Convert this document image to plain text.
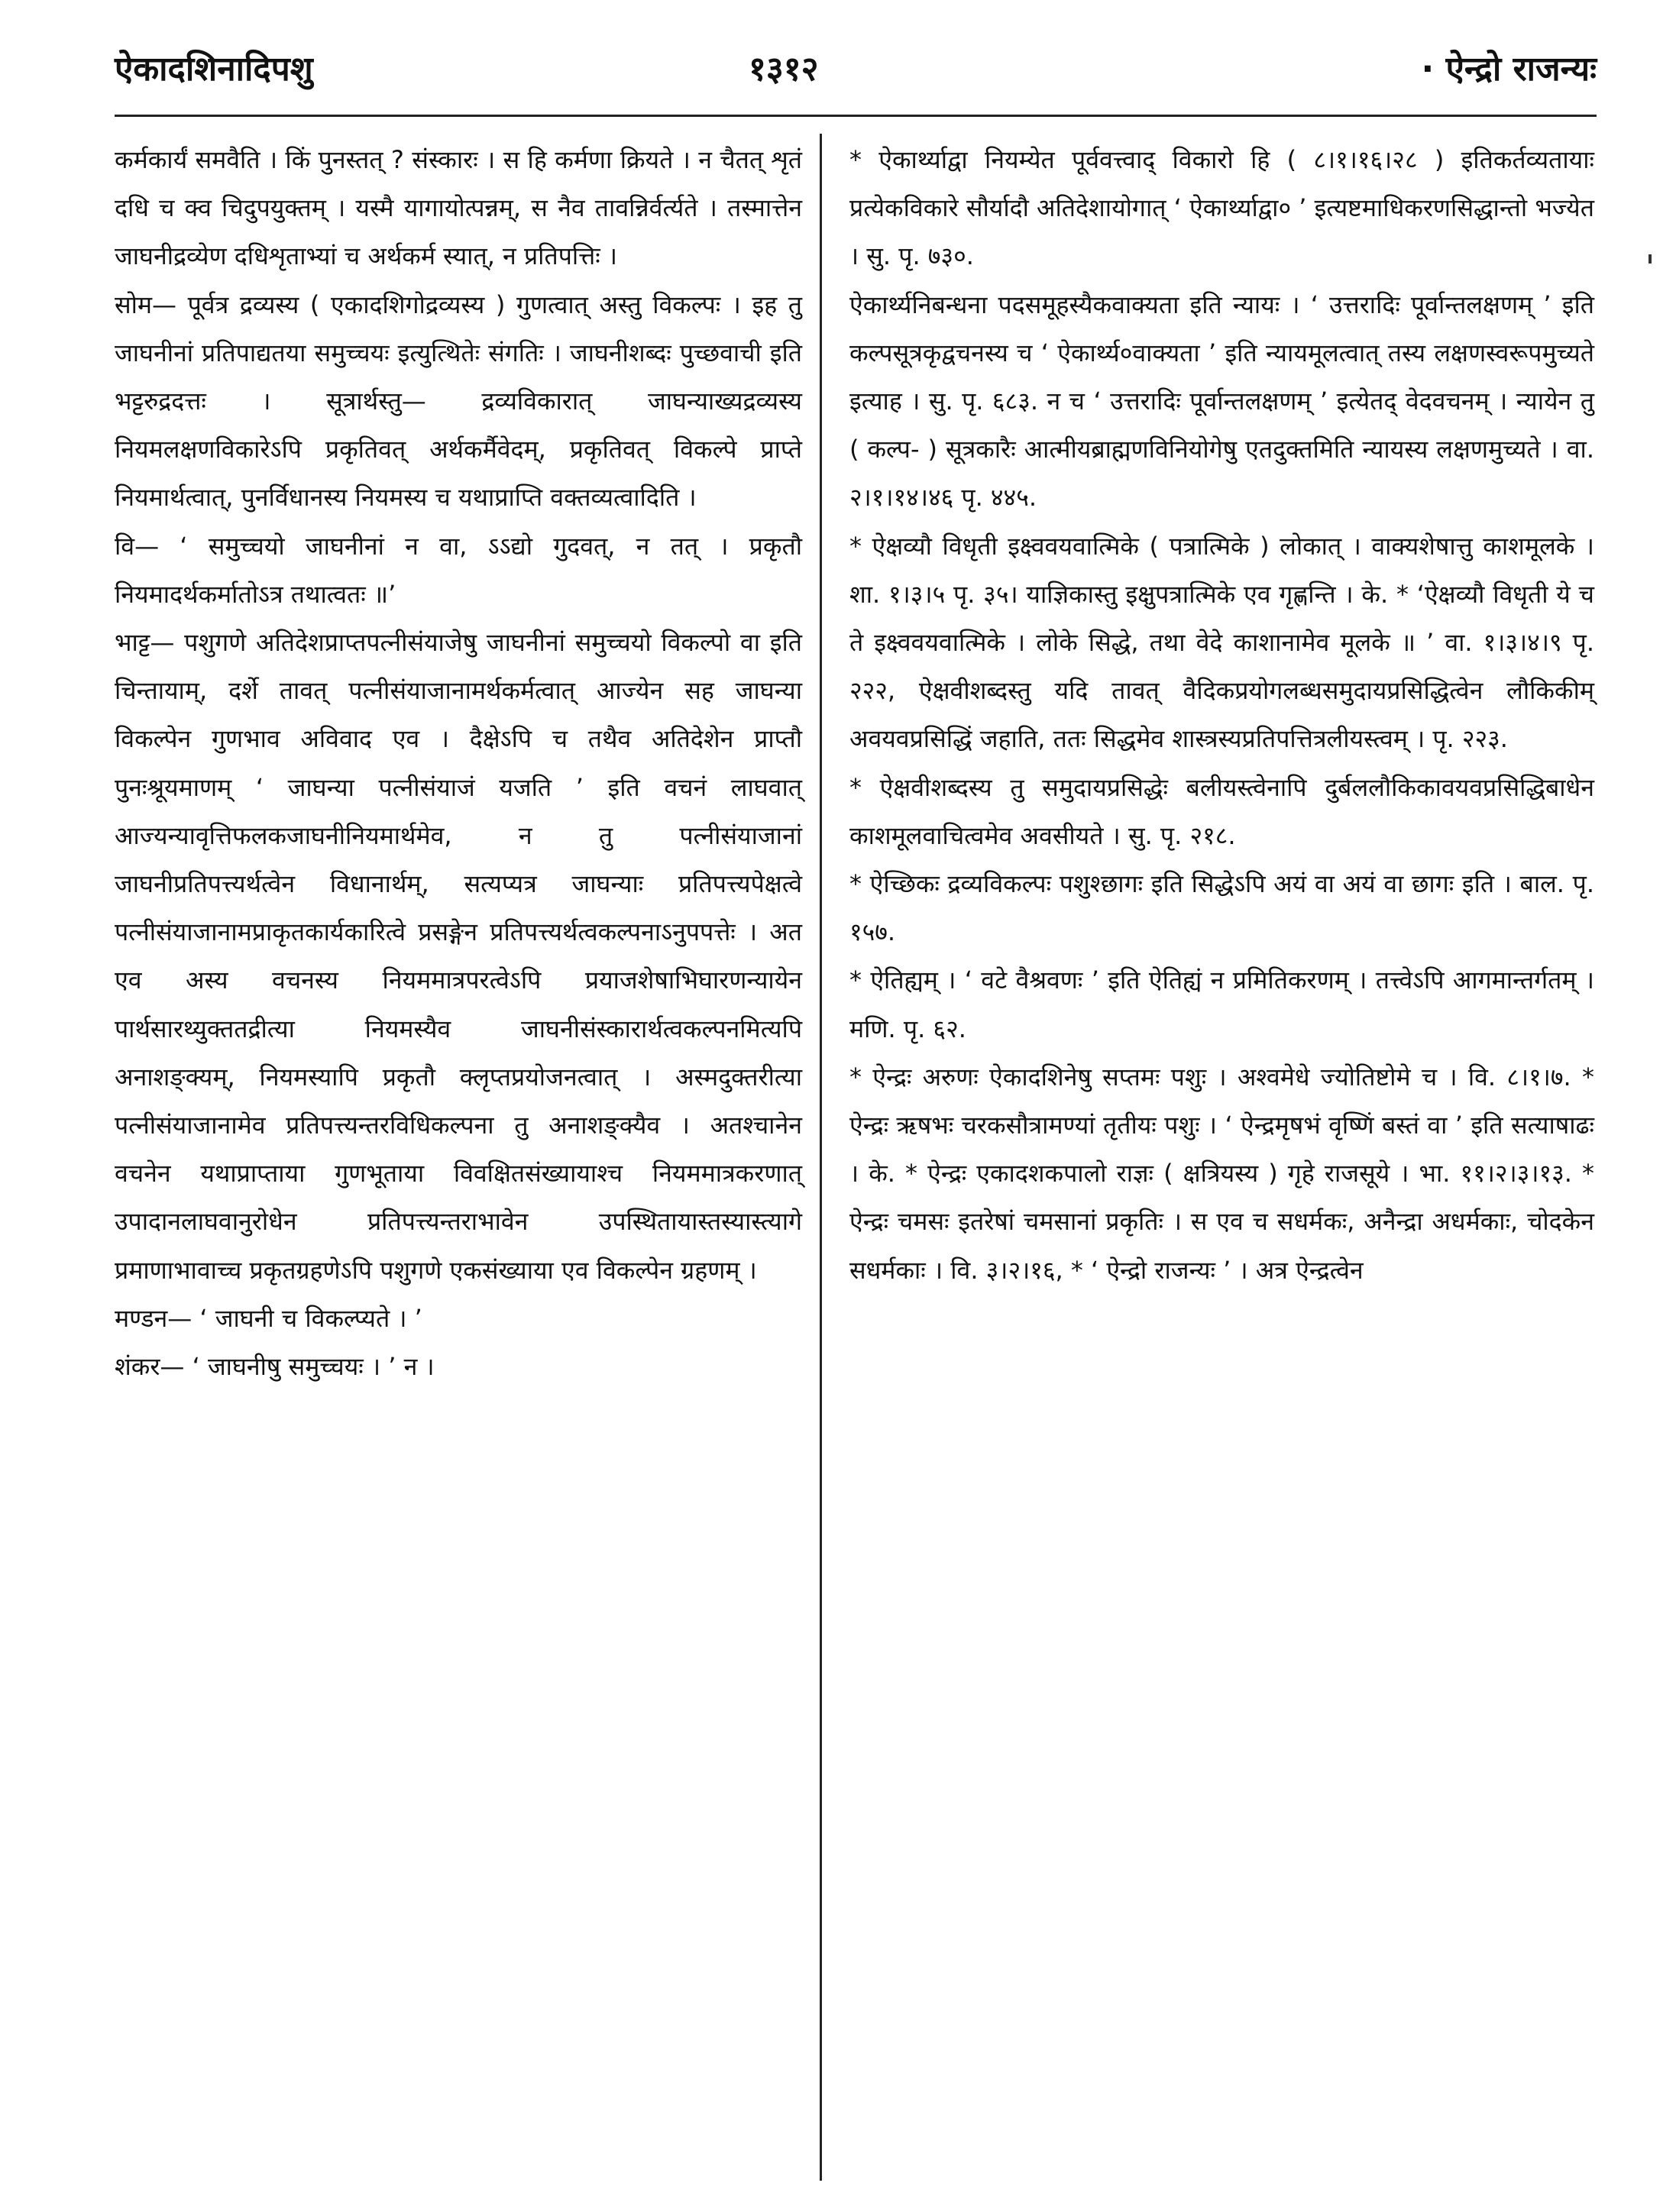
ऐकादशिनादिपशु	१३१२	· ऐन्द्रो राजन्यः

कर्मकार्यं समवैति । किं पुनस्तत् ? संस्कारः । स हि कर्मणा क्रियते । न चैतत् शृतं दधि च क्व चिदुपयुक्तम् । यस्मै यागायोत्पन्नम्, स नैव तावन्निर्वर्त्यते । तस्मात्तेन जाघनीद्रव्येण दधिशृताभ्यां च अर्थकर्म स्यात्, न प्रतिपत्तिः ।

सोम— पूर्वत्र द्रव्यस्य ( एकादशिगोद्रव्यस्य ) गुणत्वात् अस्तु विकल्पः । इह तु जाघनीनां प्रतिपाद्यतया समुच्चयः इत्युत्थितेः संगतिः । जाघनीशब्दः पुच्छवाची इति भट्टरुद्रदत्तः । सूत्रार्थस्तु— द्रव्यविकारात् जाघन्याख्यद्रव्यस्य नियमलक्षणविकारेऽपि प्रकृतिवत् अर्थकर्मैवेदम्, प्रकृतिवत् विकल्पे प्राप्ते नियमार्थत्वात्, पुनर्विधानस्य नियमस्य च यथाप्राप्ति वक्तव्यत्वादिति ।

वि— ‘ समुच्चयो जाघनीनां न वा, ऽऽद्यो गुदवत्, न तत् । प्रकृतौ नियमादर्थकर्मातोऽत्र तथात्वतः ॥’

भाट्ट— पशुगणे अतिदेशप्राप्तपत्नीसंयाजेषु जाघनीनां समुच्चयो विकल्पो वा इति चिन्तायाम्, दर्शे तावत् पत्नीसंयाजानामर्थकर्मत्वात् आज्येन सह जाघन्या विकल्पेन गुणभाव अविवाद एव । दैक्षेऽपि च तथैव अतिदेशेन प्राप्तौ पुनःश्रूयमाणम् ‘ जाघन्या पत्नीसंयाजं यजति ’ इति वचनं लाघवात् आज्यन्यावृत्तिफलकजाघनीनियमार्थमेव, न तु पत्नीसंयाजानां जाघनीप्रतिपत्त्यर्थत्वेन विधानार्थम्, सत्यप्यत्र जाघन्याः प्रतिपत्त्यपेक्षत्वे पत्नीसंयाजानामप्राकृतकार्यकारित्वे प्रसङ्गेन प्रतिपत्त्यर्थत्वकल्पनाऽनुपपत्तेः । अत एव अस्य वचनस्य नियममात्रपरत्वेऽपि प्रयाजशेषाभिघारणन्यायेन पार्थसारथ्युक्ततद्रीत्या नियमस्यैव जाघनीसंस्कारार्थत्वकल्पनमित्यपि अनाशङ्क्यम्, नियमस्यापि प्रकृतौ क्लृप्तप्रयोजनत्वात् । अस्मदुक्तरीत्या पत्नीसंयाजानामेव प्रतिपत्त्यन्तरविधिकल्पना तु अनाशङ्क्यैव । अतश्चानेन वचनेन यथाप्राप्ताया गुणभूताया विवक्षितसंख्यायाश्च नियममात्रकरणात् उपादानलाघवानुरोधेन प्रतिपत्त्यन्तराभावेन उपस्थितायास्तस्यास्त्यागे प्रमाणाभावाच्च प्रकृतग्रहणेऽपि पशुगणे एकसंख्याया एव विकल्पेन ग्रहणम् ।

मण्डन— ‘ जाघनी च विकल्प्यते । ’

शंकर— ‘ जाघनीषु समुच्चयः । ’ न ।

* ऐकार्थ्याद्वा नियम्येत पूर्ववत्त्वाद् विकारो हि ( ८।१।१६।२८ ) इतिकर्तव्यतायाः प्रत्येकविकारे सौर्यादौ अतिदेशायोगात् ‘ ऐकार्थ्याद्वा० ’ इत्यष्टमाधिकरणसिद्धान्तो भज्येत । सु. पृ. ७३०.

ऐकार्थ्यनिबन्धना पदसमूहस्यैकवाक्यता इति न्यायः । ‘ उत्तरादिः पूर्वान्तलक्षणम् ’ इति कल्पसूत्रकृद्वचनस्य च ‘ ऐकार्थ्य०वाक्यता ’ इति न्यायमूलत्वात् तस्य लक्षणस्वरूपमुच्यते इत्याह । सु. पृ. ६८३. न च ‘ उत्तरादिः पूर्वान्तलक्षणम् ’ इत्येतद् वेदवचनम् । न्यायेन तु ( कल्प- ) सूत्रकारैः आत्मीयब्राह्मणविनियोगेषु एतदुक्तमिति न्यायस्य लक्षणमुच्यते । वा. २।१।१४।४६ पृ. ४४५.

* ऐक्षव्यौ विधृती इक्ष्ववयवात्मिके ( पत्रात्मिके ) लोकात् । वाक्यशेषात्तु काशमूलके । शा. १।३।५ पृ. ३५। याज्ञिकास्तु इक्षुपत्रात्मिके एव गृह्णन्ति । के. * ‘ऐक्षव्यौ विधृती ये च ते इक्ष्ववयवात्मिके । लोके सिद्धे, तथा वेदे काशानामेव मूलके ॥ ’ वा. १।३।४।९ पृ. २२२, ऐक्षवीशब्दस्तु यदि तावत् वैदिकप्रयोगलब्धसमुदायप्रसिद्धित्वेन लौकिकीम् अवयवप्रसिद्धिं जहाति, ततः सिद्धमेव शास्त्रस्यप्रतिपत्तित्रलीयस्त्वम् । पृ. २२३.

* ऐक्षवीशब्दस्य तु समुदायप्रसिद्धेः बलीयस्त्वेनापि दुर्बललौकिकावयवप्रसिद्धिबाधेन काशमूलवाचित्वमेव अवसीयते । सु. पृ. २१८.

* ऐच्छिकः द्रव्यविकल्पः पशुश्छागः इति सिद्धेऽपि अयं वा अयं वा छागः इति । बाल. पृ. १५७.

* ऐतिह्यम् । ‘ वटे वैश्रवणः ’ इति ऐतिह्यं न प्रमितिकरणम् । तत्त्वेऽपि आगमान्तर्गतम् । मणि. पृ. ६२.

* ऐन्द्रः अरुणः ऐकादशिनेषु सप्तमः पशुः । अश्वमेधे ज्योतिष्टोमे च । वि. ८।१।७. * ऐन्द्रः ऋषभः चरकसौत्रामण्यां तृतीयः पशुः । ‘ ऐन्द्रमृषभं वृष्णिं बस्तं वा ’ इति सत्याषाढः । के. * ऐन्द्रः एकादशकपालो राज्ञः ( क्षत्रियस्य ) गृहे राजसूये । भा. ११।२।३।१३. * ऐन्द्रः चमसः इतरेषां चमसानां प्रकृतिः । स एव च सधर्मकः, अनैन्द्रा अधर्मकाः, चोदकेन सधर्मकाः । वि. ३।२।१६, * ‘ ऐन्द्रो राजन्यः ’ । अत्र ऐन्द्रत्वेन
